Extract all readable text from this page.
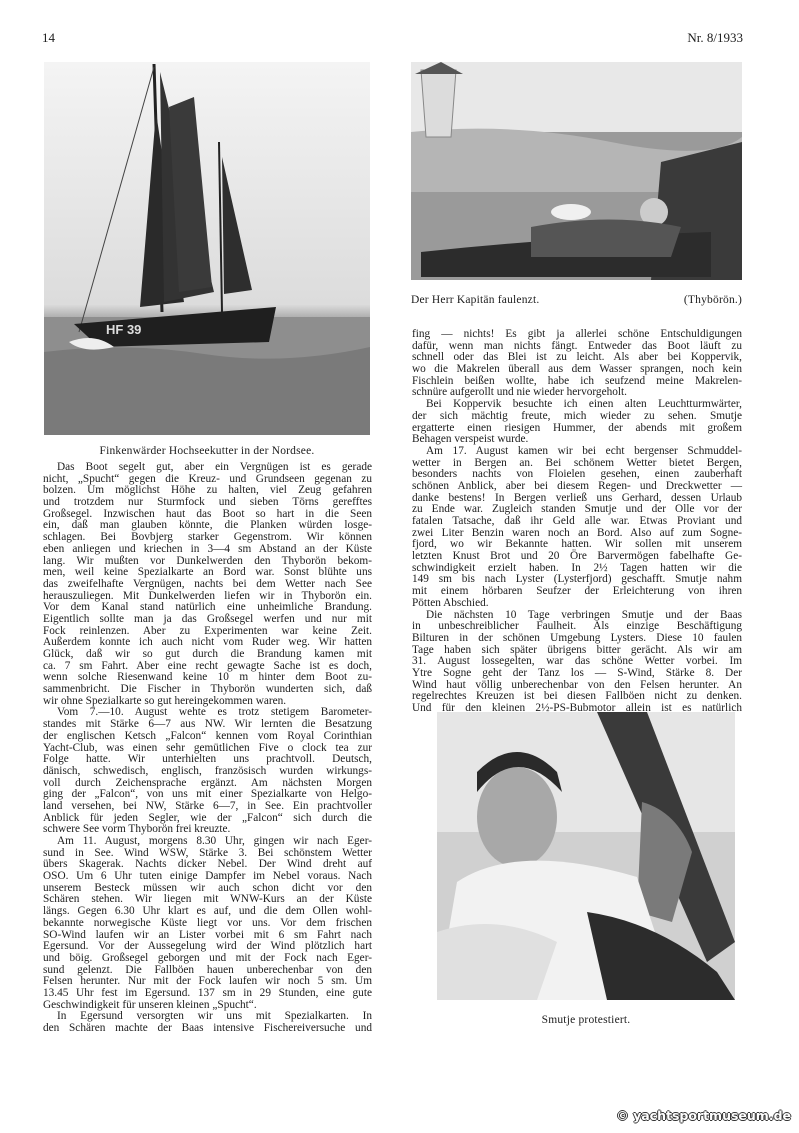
14	Nr. 8/1933
HF 39
Finkenwärder Hochseekutter in der Nordsee.
Der Herr Kapitän faulenzt.	(Thybörön.)
Smutje protestiert.
Das Boot segelt gut, aber ein Vergnügen ist es gerade
nicht, „Spucht“ gegen die Kreuz- und Grundseen gegenan zu
bolzen. Um möglichst Höhe zu halten, viel Zeug gefahren
und trotzdem nur Sturmfock und sieben Törns gerefftes
Großsegel. Inzwischen haut das Boot so hart in die Seen
ein, daß man glauben könnte, die Planken würden losge-
schlagen. Bei Bovbjerg starker Gegenstrom. Wir können
eben anliegen und kriechen in 3—4 sm Abstand an der Küste
lang. Wir mußten vor Dunkelwerden den Thyborön bekom-
men, weil keine Spezialkarte an Bord war. Sonst blühte uns
das zweifelhafte Vergnügen, nachts bei dem Wetter nach See
herauszuliegen. Mit Dunkelwerden liefen wir in Thyborön ein.
Vor dem Kanal stand natürlich eine unheimliche Brandung.
Eigentlich sollte man ja das Großsegel werfen und nur mit
Fock reinlenzen. Aber zu Experimenten war keine Zeit.
Außerdem konnte ich auch nicht vom Ruder weg. Wir hatten
Glück, daß wir so gut durch die Brandung kamen mit
ca. 7 sm Fahrt. Aber eine recht gewagte Sache ist es doch,
wenn solche Riesenwand keine 10 m hinter dem Boot zu-
sammenbricht. Die Fischer in Thyborön wunderten sich, daß
wir ohne Spezialkarte so gut hereingekommen waren.
Vom 7.—10. August wehte es trotz stetigem Barometer-
standes mit Stärke 6—7 aus NW. Wir lernten die Besatzung
der englischen Ketsch „Falcon“ kennen vom Royal Corinthian
Yacht-Club, was einen sehr gemütlichen Five o clock tea zur
Folge hatte. Wir unterhielten uns prachtvoll. Deutsch,
dänisch, schwedisch, englisch, französisch wurden wirkungs-
voll durch Zeichensprache ergänzt. Am nächsten Morgen
ging der „Falcon“, von uns mit einer Spezialkarte von Helgo-
land versehen, bei NW, Stärke 6—7, in See. Ein prachtvoller
Anblick für jeden Segler, wie der „Falcon“ sich durch die
schwere See vorm Thyborön frei kreuzte.
Am 11. August, morgens 8.30 Uhr, gingen wir nach Eger-
sund in See. Wind WSW, Stärke 3. Bei schönstem Wetter
übers Skagerak. Nachts dicker Nebel. Der Wind dreht auf
OSO. Um 6 Uhr tuten einige Dampfer im Nebel voraus. Nach
unserem Besteck müssen wir auch schon dicht vor den
Schären stehen. Wir liegen mit WNW-Kurs an der Küste
längs. Gegen 6.30 Uhr klart es auf, und die dem Ollen wohl-
bekannte norwegische Küste liegt vor uns. Vor dem frischen
SO-Wind laufen wir an Lister vorbei mit 6 sm Fahrt nach
Egersund. Vor der Aussegelung wird der Wind plötzlich hart
und böig. Großsegel geborgen und mit der Fock nach Eger-
sund gelenzt. Die Fallböen hauen unberechenbar von den
Felsen herunter. Nur mit der Fock laufen wir noch 5 sm. Um
13.45 Uhr fest im Egersund. 137 sm in 29 Stunden, eine gute
Geschwindigkeit für unseren kleinen „Spucht“.
In Egersund versorgten wir uns mit Spezialkarten. In
den Schären machte der Baas intensive Fischereiversuche und
fing — nichts! Es gibt ja allerlei schöne Entschuldigungen
dafür, wenn man nichts fängt. Entweder das Boot läuft zu
schnell oder das Blei ist zu leicht. Als aber bei Koppervik,
wo die Makrelen überall aus dem Wasser sprangen, noch kein
Fischlein beißen wollte, habe ich seufzend meine Makrelen-
schnüre aufgerollt und nie wieder hervorgeholt.
Bei Koppervik besuchte ich einen alten Leuchtturmwärter,
der sich mächtig freute, mich wieder zu sehen. Smutje
ergatterte einen riesigen Hummer, der abends mit großem
Behagen verspeist wurde.
Am 17. August kamen wir bei echt bergenser Schmuddel-
wetter in Bergen an. Bei schönem Wetter bietet Bergen,
besonders nachts von Floielen gesehen, einen zauberhaft
schönen Anblick, aber bei diesem Regen- und Dreckwetter —
danke bestens! In Bergen verließ uns Gerhard, dessen Urlaub
zu Ende war. Zugleich standen Smutje und der Olle vor der
fatalen Tatsache, daß ihr Geld alle war. Etwas Proviant und
zwei Liter Benzin waren noch an Bord. Also auf zum Sogne-
fjord, wo wir Bekannte hatten. Wir sollen mit unserem
letzten Knust Brot und 20 Öre Barvermögen fabelhafte Ge-
schwindigkeit erzielt haben. In 2½ Tagen hatten wir die
149 sm bis nach Lyster (Lysterfjord) geschafft. Smutje nahm
mit einem hörbaren Seufzer der Erleichterung von ihren
Pötten Abschied.
Die nächsten 10 Tage verbringen Smutje und der Baas
in unbeschreiblicher Faulheit. Als einzige Beschäftigung
Bilturen in der schönen Umgebung Lysters. Diese 10 faulen
Tage haben sich später übrigens bitter gerächt. Als wir am
31. August lossegelten, war das schöne Wetter vorbei. Im
Ytre Sogne geht der Tanz los — S-Wind, Stärke 8. Der
Wind haut völlig unberechenbar von den Felsen herunter. An
regelrechtes Kreuzen ist bei diesen Fallböen nicht zu denken.
Und für den kleinen 2½-PS-Bubmotor allein ist es natürlich
© yachtsportmuseum.de
